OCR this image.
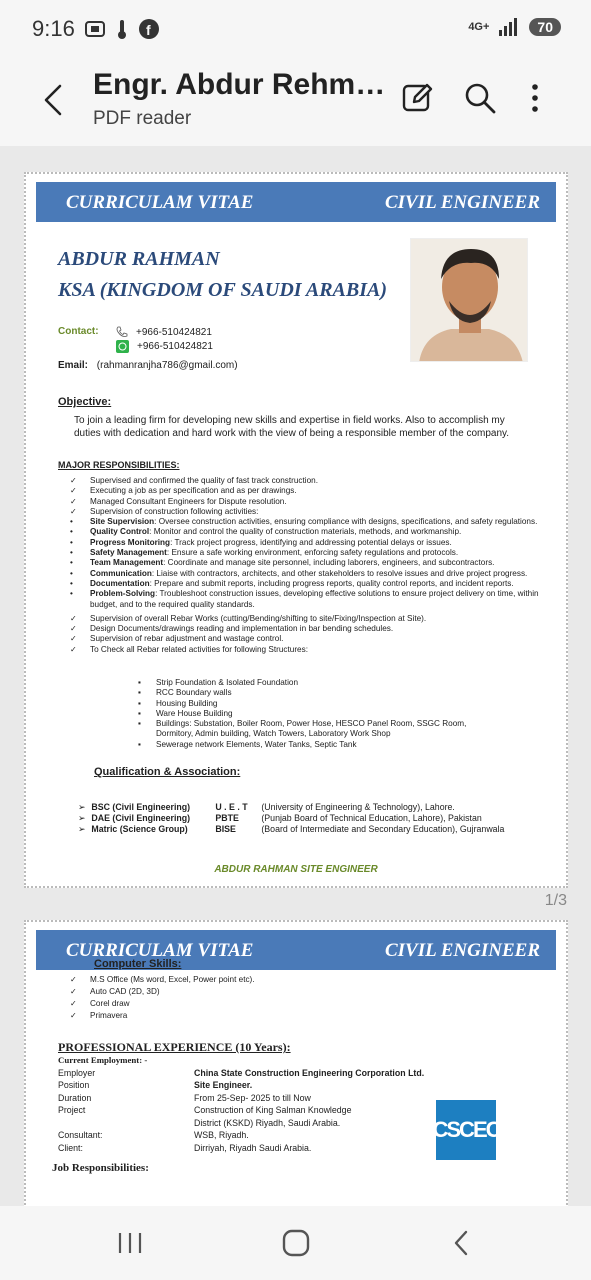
9:16	f	4G+	70
Engr. Abdur Rehm…
PDF reader
CURRICULAM VITAE	CIVIL ENGINEER
ABDUR RAHMAN
KSA (KINGDOM OF SAUDI ARABIA)
Contact:	+966-510424821
+966-510424821
Email: (rahmanranjha786@gmail.com)
Objective:
To join a leading firm for developing new skills and expertise in field works. Also to accomplish my duties with dedication and hard work with the view of being a responsible member of the company.
MAJOR RESPONSIBILITIES:
✓	Supervised and confirmed the quality of fast track construction.
✓	Executing a job as per specification and as per drawings.
✓	Managed Consultant Engineers for Dispute resolution.
✓	Supervision of construction following activities:
•	Site Supervision: Oversee construction activities, ensuring compliance with designs, specifications, and safety regulations.
•	Quality Control: Monitor and control the quality of construction materials, methods, and workmanship.
•	Progress Monitoring: Track project progress, identifying and addressing potential delays or issues.
•	Safety Management: Ensure a safe working environment, enforcing safety regulations and protocols.
•	Team Management: Coordinate and manage site personnel, including laborers, engineers, and subcontractors.
•	Communication: Liaise with contractors, architects, and other stakeholders to resolve issues and drive project progress.
•	Documentation: Prepare and submit reports, including progress reports, quality control reports, and incident reports.
•	Problem-Solving: Troubleshoot construction issues, developing effective solutions to ensure project delivery on time, within budget, and to the required quality standards.
✓	Supervision of overall Rebar Works (cutting/Bending/shifting to site/Fixing/Inspection at Site).
✓	Design Documents/drawings reading and implementation in bar bending schedules.
✓	Supervision of rebar adjustment and wastage control.
✓	To Check all Rebar related activities for following Structures:
▪	Strip Foundation & Isolated Foundation
▪	RCC Boundary walls
▪	Housing Building
▪	Ware House Building
▪	Buildings: Substation, Boiler Room, Power Hose, HESCO Panel Room, SSGC Room, Dormitory, Admin building, Watch Towers, Laboratory Work Shop
▪	Sewerage network Elements, Water Tanks, Septic Tank
Qualification & Association:
➢ BSC (Civil Engineering)	U . E . T	(University of Engineering & Technology), Lahore.
➢ DAE (Civil Engineering)	PBTE	(Punjab Board of Technical Education, Lahore), Pakistan
➢ Matric (Science Group)	BISE	(Board of Intermediate and Secondary Education), Gujranwala
ABDUR RAHMAN SITE ENGINEER
1/3
CURRICULAM VITAE	CIVIL ENGINEER
Computer Skills:
✓	M.S Office (Ms word, Excel, Power point etc).
✓	Auto CAD (2D, 3D)
✓	Corel draw
✓	Primavera
PROFESSIONAL EXPERIENCE (10 Years):
Current Employment: -
Employer	China State Construction Engineering Corporation Ltd.
Position	Site Engineer.
Duration	From 25-Sep- 2025 to till Now
Project	Construction of King Salman Knowledge
District (KSKD) Riyadh, Saudi Arabia.
Consultant:	WSB, Riyadh.
Client:	Dirriyah, Riyadh Saudi Arabia.
CSCEC
Job Responsibilities:
